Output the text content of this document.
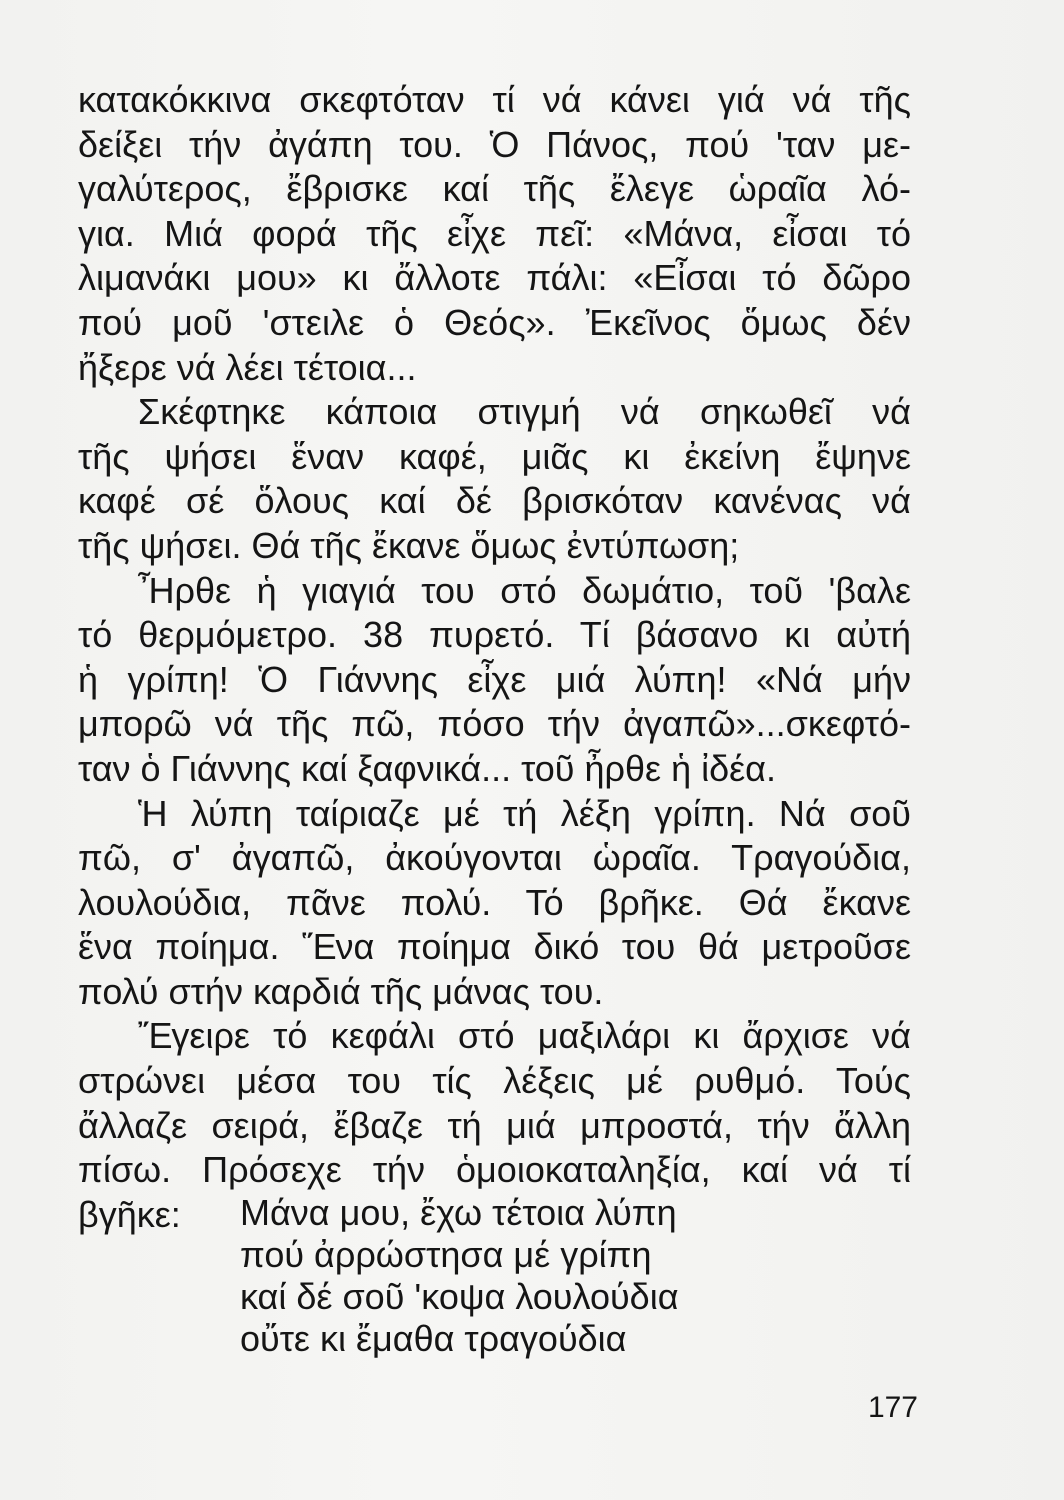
κατακόκκινα σκεφτόταν τί νά κάνει γιά νά τῆς
δείξει τήν ἀγάπη του. Ὁ Πάνος, πού 'ταν με-
γαλύτερος, ἔβρισκε καί τῆς ἔλεγε ὡραῖα λό-
για. Μιά φορά τῆς εἶχε πεῖ: «Μάνα, εἶσαι τό
λιμανάκι μου» κι ἄλλοτε πάλι: «Εἶσαι τό δῶρο
πού μοῦ 'στειλε ὁ Θεός». Ἐκεῖνος ὅμως δέν
ἤξερε νά λέει τέτοια...
Σκέφτηκε κάποια στιγμή νά σηκωθεῖ νά
τῆς ψήσει ἕναν καφέ, μιᾶς κι ἐκείνη ἔψηνε
καφέ σέ ὅλους καί δέ βρισκόταν κανένας νά
τῆς ψήσει. Θά τῆς ἔκανε ὅμως ἐντύπωση;
Ἦρθε ἡ γιαγιά του στό δωμάτιο, τοῦ 'βαλε
τό θερμόμετρο. 38 πυρετό. Τί βάσανο κι αὐτή
ἡ γρίπη! Ὁ Γιάννης εἶχε μιά λύπη! «Νά μήν
μπορῶ νά τῆς πῶ, πόσο τήν ἀγαπῶ»...σκεφτό-
ταν ὁ Γιάννης καί ξαφνικά... τοῦ ἦρθε ἡ ἰδέα.
Ἡ λύπη ταίριαζε μέ τή λέξη γρίπη. Νά σοῦ
πῶ, σ' ἀγαπῶ, ἀκούγονται ὡραῖα. Τραγούδια,
λουλούδια, πᾶνε πολύ. Τό βρῆκε. Θά ἔκανε
ἕνα ποίημα. Ἕνα ποίημα δικό του θά μετροῦσε
πολύ στήν καρδιά τῆς μάνας του.
Ἔγειρε τό κεφάλι στό μαξιλάρι κι ἄρχισε νά
στρώνει μέσα του τίς λέξεις μέ ρυθμό. Τούς
ἄλλαζε σειρά, ἔβαζε τή μιά μπροστά, τήν ἄλλη
πίσω. Πρόσεχε τήν ὁμοιοκαταληξία, καί νά τί
βγῆκε:	Μάνα μου, ἔχω τέτοια λύπη
πού ἀρρώστησα μέ γρίπη
καί δέ σοῦ 'κοψα λουλούδια
οὔτε κι ἔμαθα τραγούδια
177
